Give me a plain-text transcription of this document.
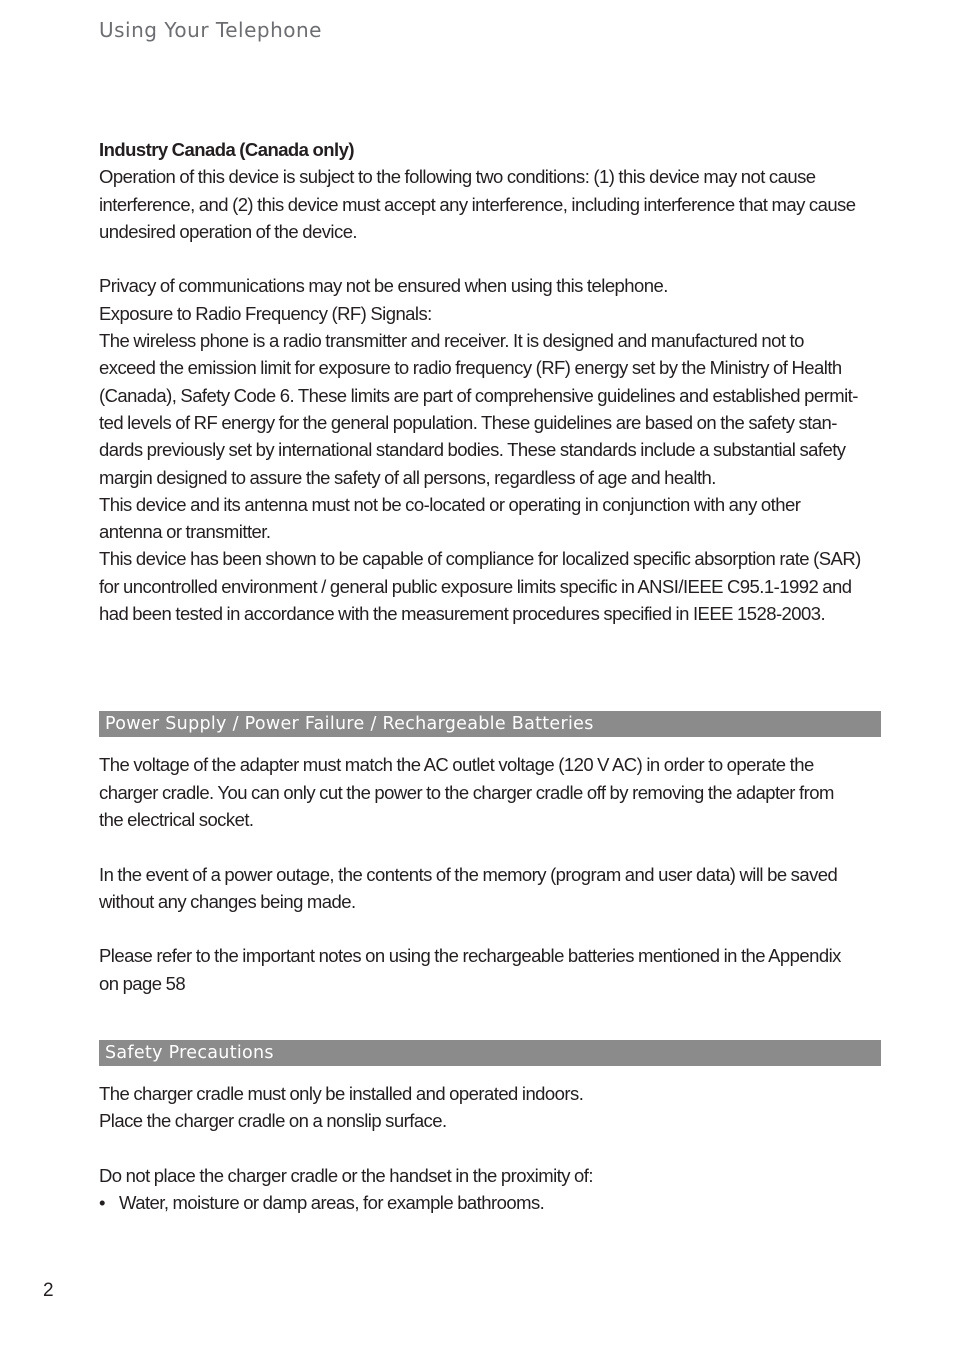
Using Your Telephone
Industry Canada (Canada only)
Operation of this device is subject to the following two conditions: (1) this device may not cause
interference, and (2) this device must accept any interference, including interference that may cause
undesired operation of the device.
Privacy of communications may not be ensured when using this telephone.
Exposure to Radio Frequency (RF) Signals:
The wireless phone is a radio transmitter and receiver. It is designed and manufactured not to
exceed the emission limit for exposure to radio frequency (RF) energy set by the Ministry of Health
(Canada), Safety Code 6. These limits are part of comprehensive guidelines and established permit-
ted levels of RF energy for the general population. These guidelines are based on the safety stan-
dards previously set by international standard bodies. These standards include a substantial safety
margin designed to assure the safety of all persons, regardless of age and health.
This device and its antenna must not be co-located or operating in conjunction with any other
antenna or transmitter.
This device has been shown to be capable of compliance for localized specific absorption rate (SAR)
for uncontrolled environment / general public exposure limits specific in ANSI/IEEE C95.1-1992 and
had been tested in accordance with the measurement procedures specified in IEEE 1528-2003.
Power Supply / Power Failure / Rechargeable Batteries
The voltage of the adapter must match the AC outlet voltage (120 V AC) in order to operate the
charger cradle. You can only cut the power to the charger cradle off by removing the adapter from
the electrical socket.
In the event of a power outage, the contents of the memory (program and user data) will be saved
without any changes being made.
Please refer to the important notes on using the rechargeable batteries mentioned in the Appendix
on page 58
Safety Precautions
The charger cradle must only be installed and operated indoors.
Place the charger cradle on a nonslip surface.
Do not place the charger cradle or the handset in the proximity of:
• Water, moisture or damp areas, for example bathrooms.
2
